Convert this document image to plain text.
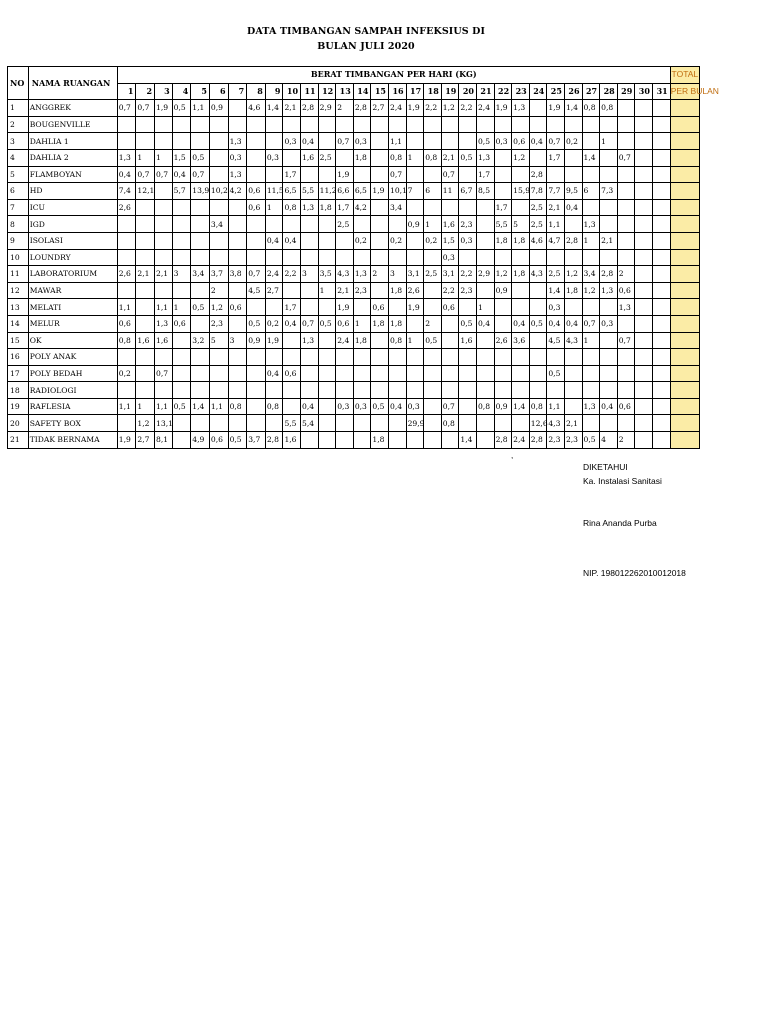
DATA TIMBANGAN SAMPAH INFEKSIUS DI
BULAN JULI 2020
NO	NAMA RUANGAN	BERAT TIMBANGAN PER HARI (KG)																															TOTAL
		1	2	3	4	5	6	7	8	9	10	11	12	13	14	15	16	17	18	19	20	21	22	23	24	25	26	27	28	29	30	31	PER BULAN
1	ANGGREK	0,7	0,7	1,9	0,5	1,1	0,9		4,6	1,4	2,1	2,8	2,9	2	2,8	2,7	2,4	1,9	2,2	1,2	2,2	2,4	1,9	1,3		1,9	1,4	0,8	0,8				
2	BOUGENVILLE																																
3	DAHLIA 1							1,3			0,3	0,4		0,7	0,3		1,1					0,5	0,3	0,6	0,4	0,7	0,2		1				
4	DAHLIA 2	1,3	1	1	1,5	0,5		0,3		0,3		1,6	2,5		1,8		0,8	1	0,8	2,1	0,5	1,3		1,2		1,7		1,4		0,7			
5	FLAMBOYAN	0,4	0,7	0,7	0,4	0,7		1,3			1,7			1,9			0,7			0,7		1,7			2,8								
6	HD	7,4	12,1		5,7	13,9	10,2	4,2	0,6	11,5	6,5	5,5	11,2	6,6	6,5	1,9	10,1	7	6	11	6,7	8,5		15,9	7,8	7,7	9,5	6	7,3				
7	ICU	2,6							0,6	1	0,8	1,3	1,8	1,7	4,2		3,4						1,7		2,5	2,1	0,4						
8	IGD						3,4							2,5				0,9	1	1,6	2,3		5,5	5	2,5	1,1		1,3					
9	ISOLASI									0,4	0,4				0,2		0,2		0,2	1,5	0,3		1,8	1,8	4,6	4,7	2,8	1	2,1				
10	LOUNDRY																			0,3													
11	LABORATORIUM	2,6	2,1	2,1	3	3,4	3,7	3,8	0,7	2,4	2,2	3	3,5	4,3	1,3	2	3	3,1	2,5	3,1	2,2	2,9	1,2	1,8	4,3	2,5	1,2	3,4	2,8	2			
12	MAWAR						2		4,5	2,7			1	2,1	2,3		1,8	2,6		2,2	2,3		0,9			1,4	1,8	1,2	1,3	0,6			
13	MELATI	1,1		1,1	1	0,5	1,2	0,6			1,7			1,9		0,6		1,9		0,6		1				0,3				1,3			
14	MELUR	0,6		1,3	0,6		2,3		0,5	0,2	0,4	0,7	0,5	0,6	1	1,8	1,8		2		0,5	0,4		0,4	0,5	0,4	0,4	0,7	0,3				
15	OK	0,8	1,6	1,6		3,2	5	3	0,9	1,9		1,3		2,4	1,8		0,8	1	0,5		1,6		2,6	3,6		4,5	4,3	1		0,7			
16	POLY ANAK																																
17	POLY BEDAH	0,2		0,7						0,4	0,6															0,5							
18	RADIOLOGI																																
19	RAFLESIA	1,1	1	1,1	0,5	1,4	1,1	0,8		0,8		0,4		0,3	0,3	0,5	0,4	0,3		0,7		0,8	0,9	1,4	0,8	1,1		1,3	0,4	0,6			
20	SAFETY BOX		1,2	13,1							5,5	5,4						29,9		0,8					12,6	4,3	2,1						
21	TIDAK BERNAMA	1,9	2,7	8,1		4,9	0,6	0,5	3,7	2,8	1,6					1,8					1,4		2,8	2,4	2,8	2,3	2,3	0,5	4	2			
,
DIKETAHUI
Ka. Instalasi Sanitasi
Rina Ananda Purba
NIP. 198012262010012018
